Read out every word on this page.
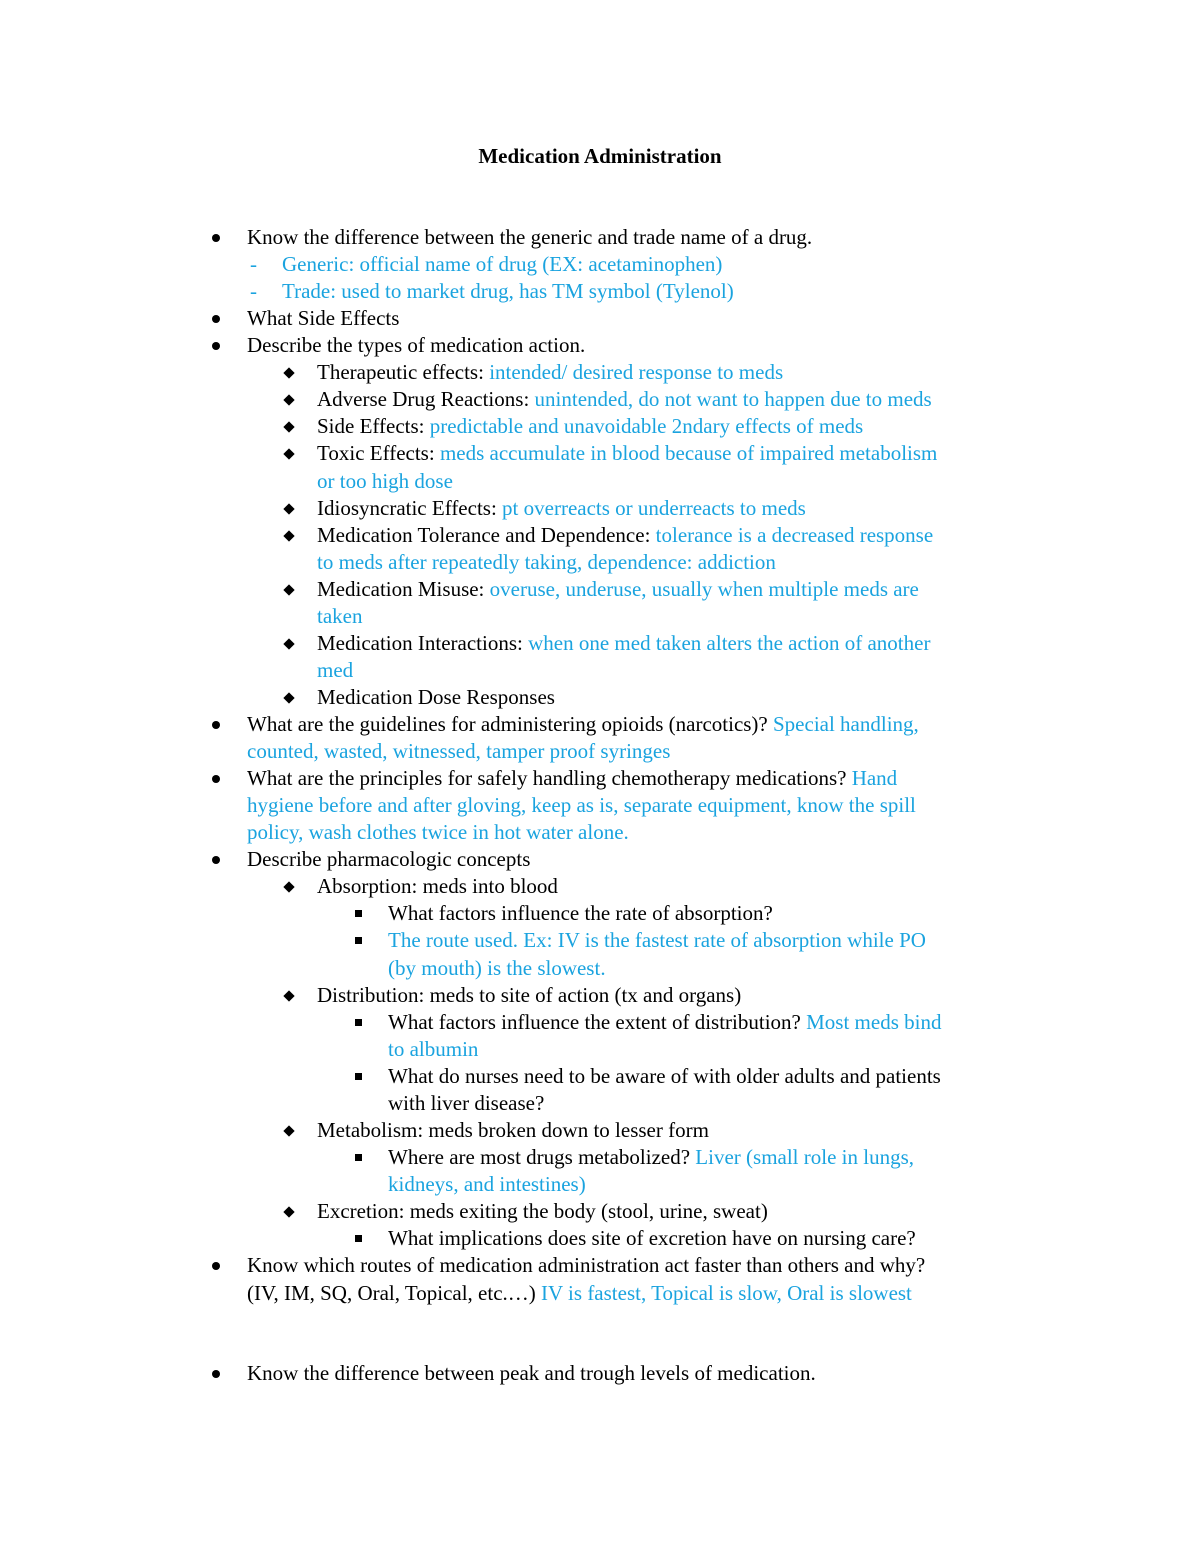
Medication Administration
Know the difference between the generic and trade name of a drug.
- Generic: official name of drug (EX: acetaminophen)
- Trade: used to market drug, has TM symbol (Tylenol)
What Side Effects
Describe the types of medication action.
Therapeutic effects: intended/ desired response to meds
Adverse Drug Reactions: unintended, do not want to happen due to meds
Side Effects: predictable and unavoidable 2ndary effects of meds
Toxic Effects: meds accumulate in blood because of impaired metabolism
or too high dose
Idiosyncratic Effects: pt overreacts or underreacts to meds
Medication Tolerance and Dependence: tolerance is a decreased response
to meds after repeatedly taking, dependence: addiction
Medication Misuse: overuse, underuse, usually when multiple meds are
taken
Medication Interactions: when one med taken alters the action of another
med
Medication Dose Responses
What are the guidelines for administering opioids (narcotics)? Special handling,
counted, wasted, witnessed, tamper proof syringes
What are the principles for safely handling chemotherapy medications? Hand
hygiene before and after gloving, keep as is, separate equipment, know the spill
policy, wash clothes twice in hot water alone.
Describe pharmacologic concepts
Absorption: meds into blood
What factors influence the rate of absorption?
The route used. Ex: IV is the fastest rate of absorption while PO
(by mouth) is the slowest.
Distribution: meds to site of action (tx and organs)
What factors influence the extent of distribution? Most meds bind
to albumin
What do nurses need to be aware of with older adults and patients
with liver disease?
Metabolism: meds broken down to lesser form
Where are most drugs metabolized? Liver (small role in lungs,
kidneys, and intestines)
Excretion: meds exiting the body (stool, urine, sweat)
What implications does site of excretion have on nursing care?
Know which routes of medication administration act faster than others and why?
(IV, IM, SQ, Oral, Topical, etc.…) IV is fastest, Topical is slow, Oral is slowest
Know the difference between peak and trough levels of medication.
